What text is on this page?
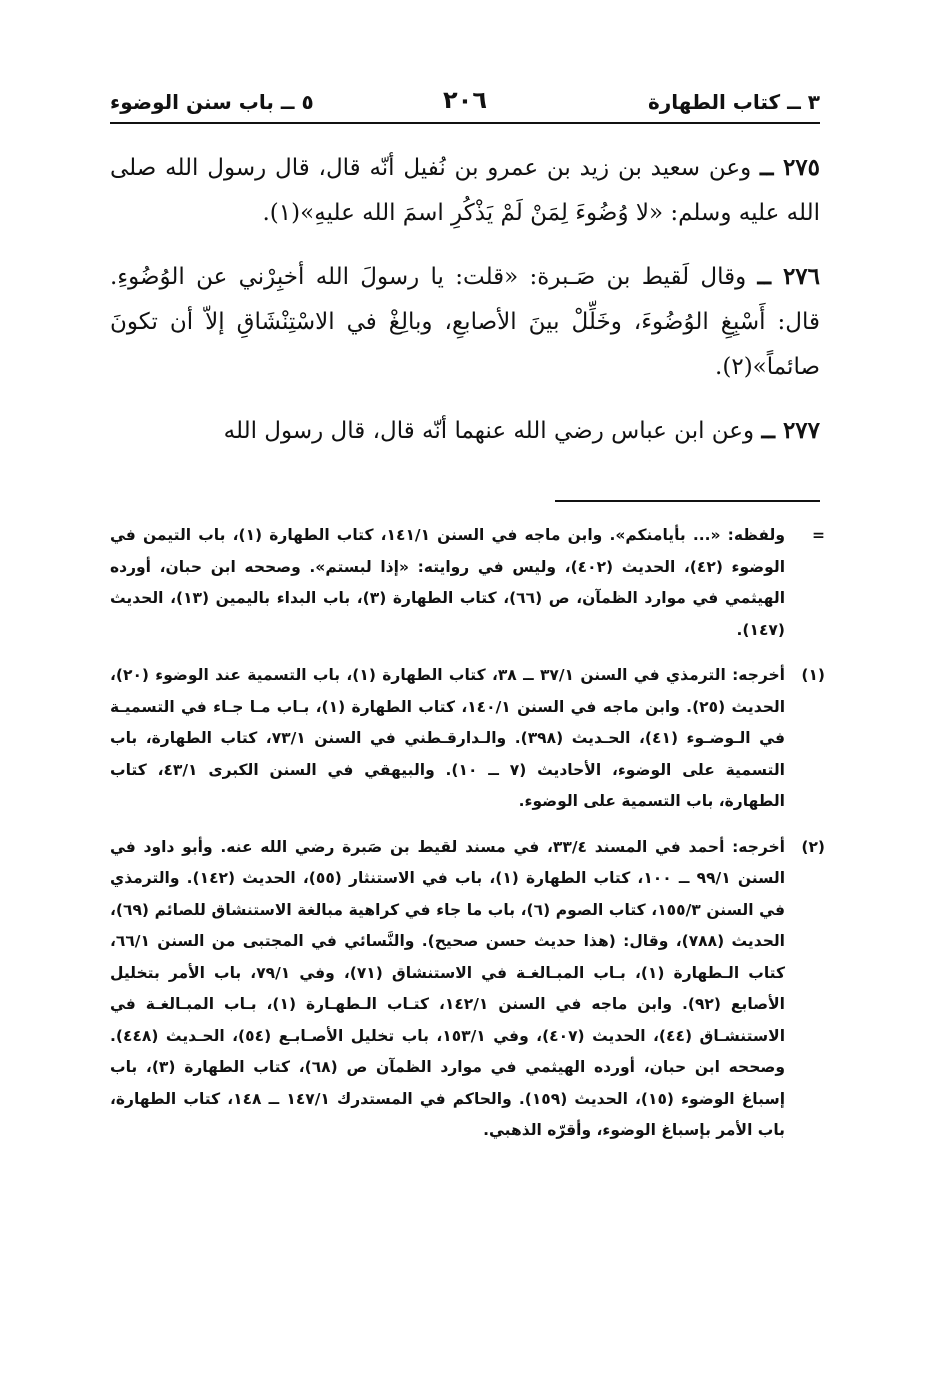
٣ ــ كتاب الطهارة
٢٠٦
٥ ــ باب سنن الوضوء

٢٧٥ ــ وعن سعيد بن زيد بن عمرو بن نُفيل أنّه قال، قال رسول الله صلى الله عليه وسلم: «لا وُضُوءَ لِمَنْ لَمْ يَذْكُرِ اسمَ الله عليهِ»(١).

٢٧٦ ــ وقال لَقيط بن صَـبرة: «قلت: يا رسولَ الله أخبِرْني عن الوُضُوءِ. قال: أَسْبِغِ الوُضُوءَ، وخَلِّلْ بينَ الأصابعِ، وبالِغْ في الاسْتِنْشَاقِ إلاّ أن تكونَ صائماً»(٢).

٢٧٧ ــ وعن ابن عباس رضي الله عنهما أنّه قال، قال رسول الله

=
ولفظه: «... بأيامنكم». وابن ماجه في السنن ١٤١/١، كتاب الطهارة (١)، باب التيمن في الوضوء (٤٢)، الحديث (٤٠٢)، وليس في روايته: «إذا لبستم». وصححه ابن حبان، أورده الهيثمي في موارد الظمآن، ص (٦٦)، كتاب الطهارة (٣)، باب البداء باليمين (١٣)، الحديث (١٤٧).
(١)
أخرجه: الترمذي في السنن ٣٧/١ ــ ٣٨، كتاب الطهارة (١)، باب التسمية عند الوضوء (٢٠)، الحديث (٢٥). وابن ماجه في السنن ١٤٠/١، كتاب الطهارة (١)، بـاب مـا جـاء في التسميـة في الـوضـوء (٤١)، الحـديث (٣٩٨). والـدارقـطني في السنن ٧٣/١، كتاب الطهارة، باب التسمية على الوضوء، الأحاديث (٧ ــ ١٠). والبيهقي في السنن الكبرى ٤٣/١، كتاب الطهارة، باب التسمية على الوضوء.
(٢)
أخرجه: أحمد في المسند ٣٣/٤، في مسند لقيط بن صَبرة رضي الله عنه. وأبو داود في السنن ٩٩/١ ــ ١٠٠، كتاب الطهارة (١)، باب في الاستنثار (٥٥)، الحديث (١٤٢). والترمذي في السنن ١٥٥/٣، كتاب الصوم (٦)، باب ما جاء في كراهية مبالغة الاستنشاق للصائم (٦٩)، الحديث (٧٨٨)، وقال: (هذا حديث حسن صحيح). والنَّسائي في المجتبى من السنن ٦٦/١، كتاب الـطهارة (١)، بـاب المبـالغـة في الاستنشاق (٧١)، وفي ٧٩/١، باب الأمر بتخليل الأصابع (٩٢). وابن ماجه في السنن ١٤٢/١، كتـاب الـطهـارة (١)، بـاب المبـالغـة في الاستنشـاق (٤٤)، الحديث (٤٠٧)، وفي ١٥٣/١، باب تخليل الأصـابـع (٥٤)، الحـديث (٤٤٨). وصححه ابن حبان، أورده الهيثمي في موارد الظمآن ص (٦٨)، كتاب الطهارة (٣)، باب إسباغ الوضوء (١٥)، الحديث (١٥٩). والحاكم في المستدرك ١٤٧/١ ــ ١٤٨، كتاب الطهارة، باب الأمر بإسباغ الوضوء، وأقرّه الذهبي.
